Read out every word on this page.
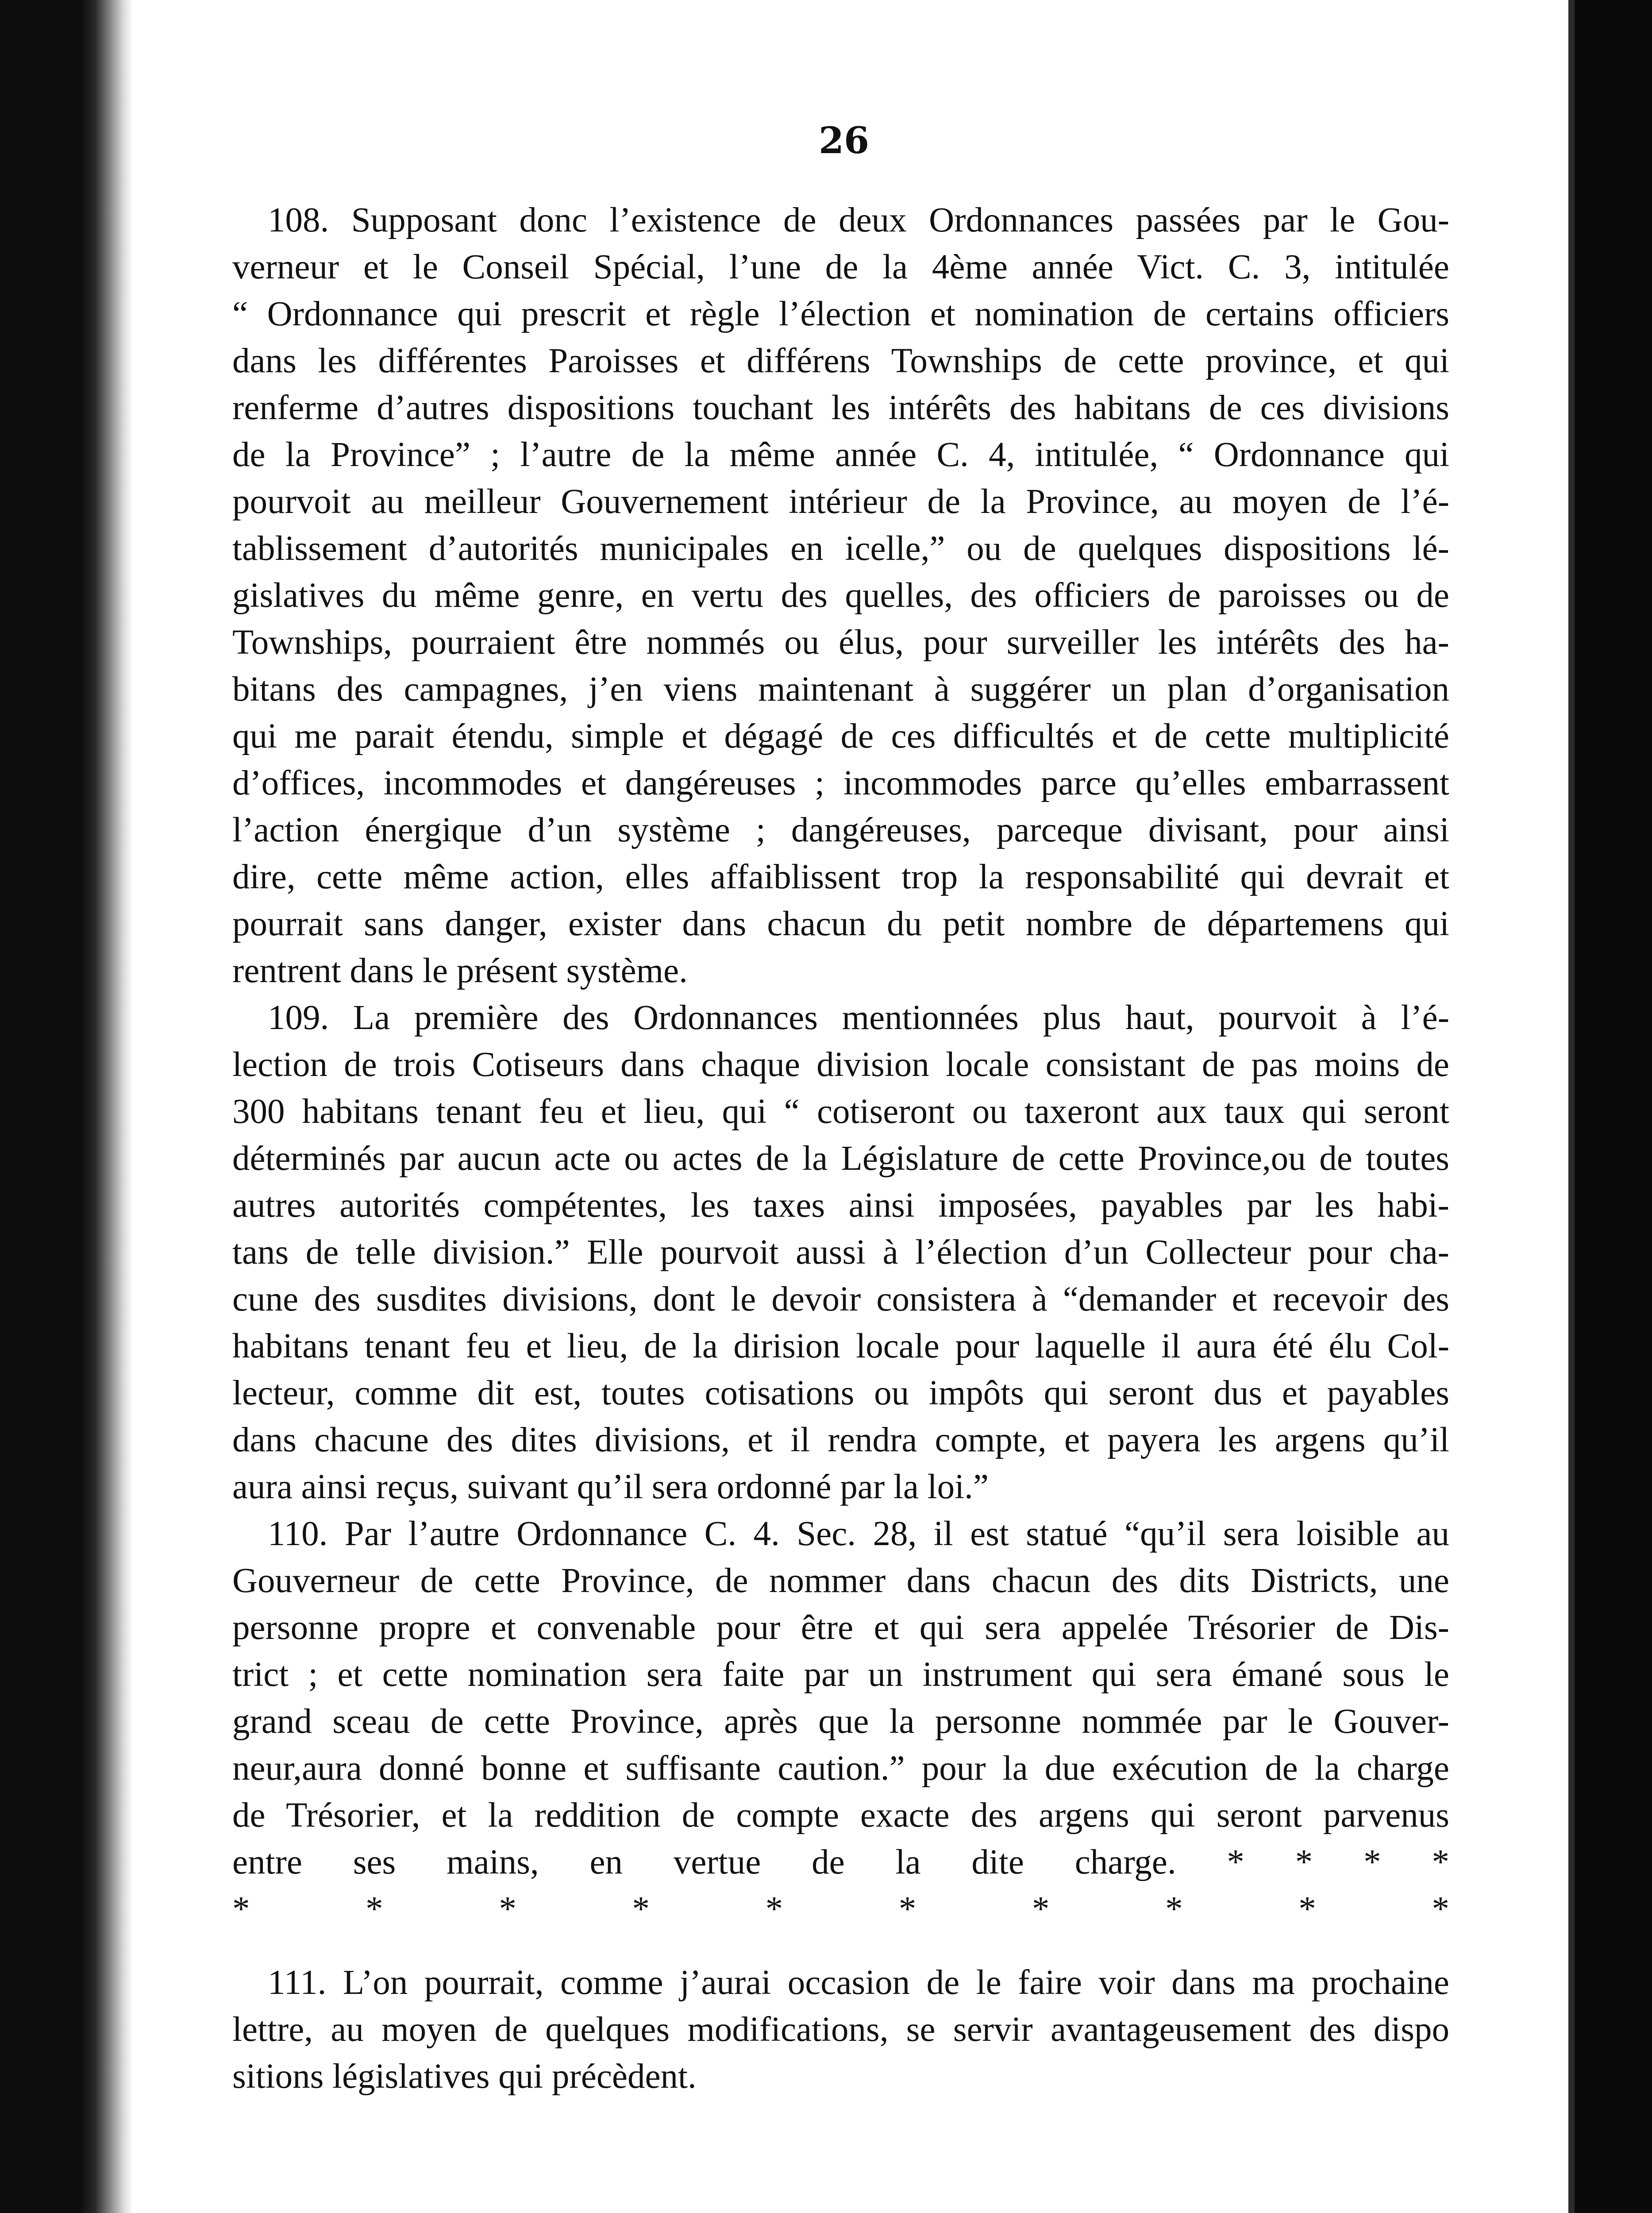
26
108. Supposant donc l’existence de deux Ordonnances passées par le Gou-
verneur et le Conseil Spécial, l’une de la 4ème année Vict. C. 3, intitulée
“ Ordonnance qui prescrit et règle l’élection et nomination de certains officiers
dans les différentes Paroisses et différens Townships de cette province, et qui
renferme d’autres dispositions touchant les intérêts des habitans de ces divisions
de la Province” ; l’autre de la même année C. 4, intitulée, “ Ordonnance qui
pourvoit au meilleur Gouvernement intérieur de la Province, au moyen de l’é-
tablissement d’autorités municipales en icelle,” ou de quelques dispositions lé-
gislatives du même genre, en vertu des quelles, des officiers de paroisses ou de
Townships, pourraient être nommés ou élus, pour surveiller les intérêts des ha-
bitans des campagnes, j’en viens maintenant à suggérer un plan d’organisation
qui me parait étendu, simple et dégagé de ces difficultés et de cette multiplicité
d’offices, incommodes et dangéreuses ; incommodes parce qu’elles embarrassent
l’action énergique d’un système ; dangéreuses, parceque divisant, pour ainsi
dire, cette même action, elles affaiblissent trop la responsabilité qui devrait et
pourrait sans danger, exister dans chacun du petit nombre de départemens qui
rentrent dans le présent système.
109. La première des Ordonnances mentionnées plus haut, pourvoit à l’é-
lection de trois Cotiseurs dans chaque division locale consistant de pas moins de
300 habitans tenant feu et lieu, qui “ cotiseront ou taxeront aux taux qui seront
déterminés par aucun acte ou actes de la Législature de cette Province,ou de toutes
autres autorités compétentes, les taxes ainsi imposées, payables par les habi-
tans de telle division.” Elle pourvoit aussi à l’élection d’un Collecteur pour cha-
cune des susdites divisions, dont le devoir consistera à “demander et recevoir des
habitans tenant feu et lieu, de la dirision locale pour laquelle il aura été élu Col-
lecteur, comme dit est, toutes cotisations ou impôts qui seront dus et payables
dans chacune des dites divisions, et il rendra compte, et payera les argens qu’il
aura ainsi reçus, suivant qu’il sera ordonné par la loi.”
110. Par l’autre Ordonnance C. 4. Sec. 28, il est statué “qu’il sera loisible au
Gouverneur de cette Province, de nommer dans chacun des dits Districts, une
personne propre et convenable pour être et qui sera appelée Trésorier de Dis-
trict ; et cette nomination sera faite par un instrument qui sera émané sous le
grand sceau de cette Province, après que la personne nommée par le Gouver-
neur,aura donné bonne et suffisante caution.” pour la due exécution de la charge
de Trésorier, et la reddition de compte exacte des argens qui seront parvenus
entre ses mains, en vertue de la dite charge. * * * *
* * * * * * * * * *
111. L’on pourrait, comme j’aurai occasion de le faire voir dans ma prochaine
lettre, au moyen de quelques modifications, se servir avantageusement des dispo
sitions législatives qui précèdent.
